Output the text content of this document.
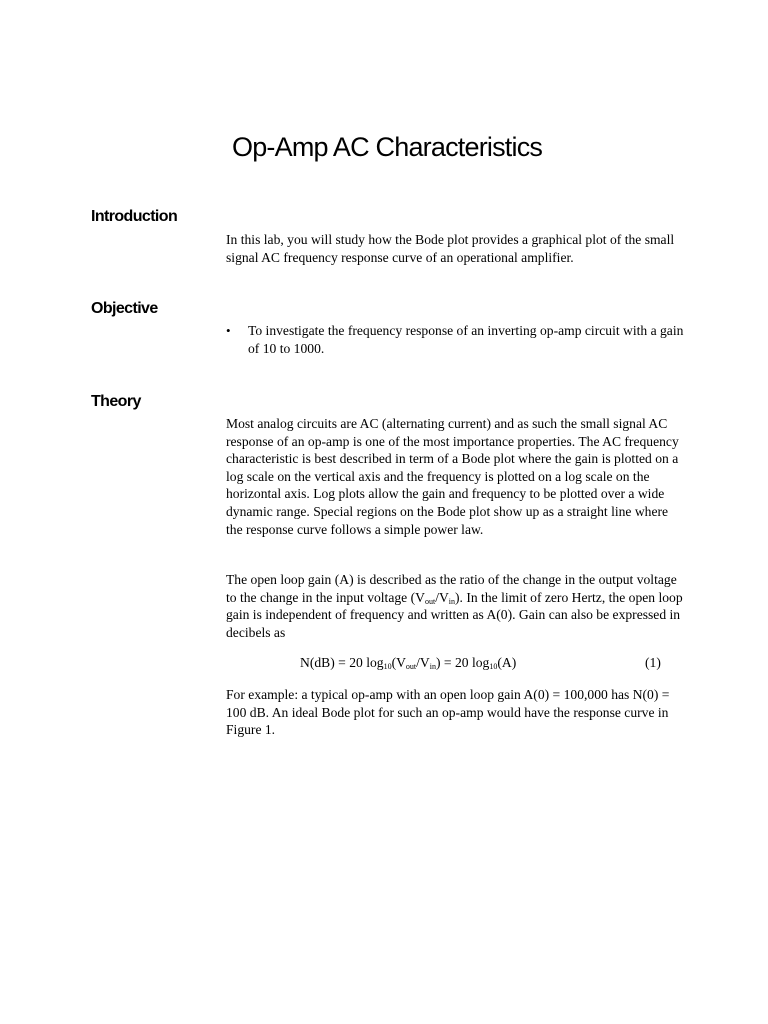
Op-Amp AC Characteristics
Introduction

In this lab, you will study how the Bode plot provides a graphical plot of the small signal AC frequency response curve of an operational amplifier.

Objective
• To investigate the frequency response of an inverting op-amp circuit with a gain of 10 to 1000.
Theory

Most analog circuits are AC (alternating current) and as such the small signal AC response of an op-amp is one of the most importance properties. The AC frequency characteristic is best described in term of a Bode plot where the gain is plotted on a log scale on the vertical axis and the frequency is plotted on a log scale on the horizontal axis. Log plots allow the gain and frequency to be plotted over a wide dynamic range. Special regions on the Bode plot show up as a straight line where the response curve follows a simple power law.

The open loop gain (A) is described as the ratio of the change in the output voltage to the change in the input voltage $(V_{out}/V_{in})$. In the limit of zero Hertz, the open loop gain is independent of frequency and written as A(0). Gain can also be expressed in decibels as

N(dB) = 20 $\log_{10}(V_{out}/V_{in}) = 20$ $\log_{10}(A)$	(1)

For example: a typical op-amp with an open loop gain A(0) = 100,000 has N(0) = 100 dB. An ideal Bode plot for such an op-amp would have the response curve in Figure 1.
